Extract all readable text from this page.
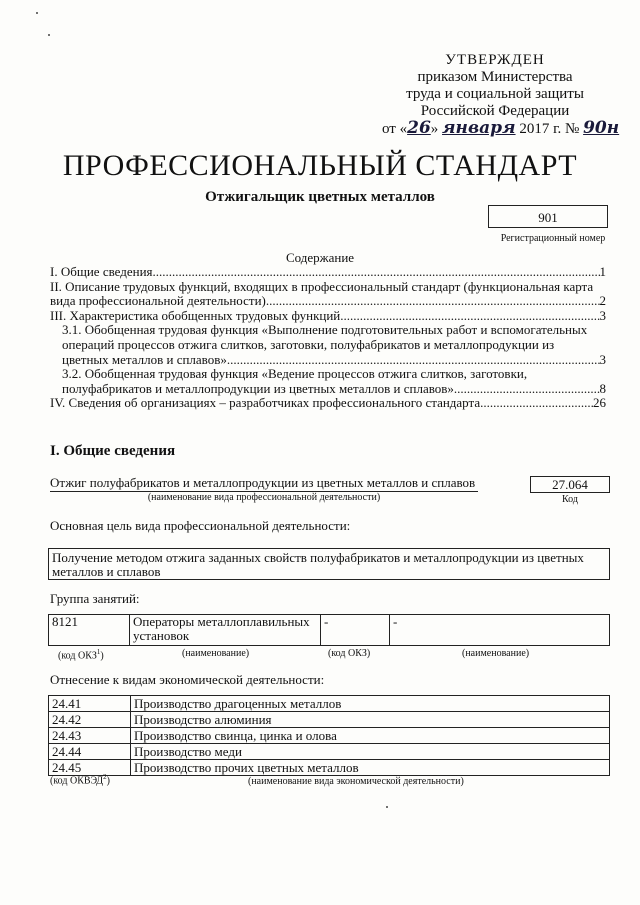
УТВЕРЖДЕН
приказом Министерства
труда и социальной защиты
Российской Федерации
от «26» января 2017 г. № 90н
ПРОФЕССИОНАЛЬНЫЙ СТАНДАРТ
Отжигальщик цветных металлов
901
Регистрационный номер
Содержание
I. Общие сведения .....	1
II. Описание трудовых функций, входящих в профессиональный стандарт (функциональная карта
вида профессиональной деятельности) .....	2
III. Характеристика обобщенных трудовых функций .....	3
3.1. Обобщенная трудовая функция «Выполнение подготовительных работ и вспомогательных
операций процессов отжига слитков, заготовки, полуфабрикатов и металлопродукции из
цветных металлов и сплавов» .....	3
3.2. Обобщенная трудовая функция «Ведение процессов отжига слитков, заготовки,
полуфабрикатов и металлопродукции из цветных металлов и сплавов» .....	8
IV. Сведения об организациях – разработчиках профессионального стандарта .....	26
I. Общие сведения
Отжиг полуфабрикатов и металлопродукции из цветных металлов и сплавов
(наименование вида профессиональной деятельности)
27.064
Код
Основная цель вида профессиональной деятельности:
Получение методом отжига заданных свойств полуфабрикатов и металлопродукции из цветных металлов и сплавов
Группа занятий:
8121	Операторы металлоплавильных установок	-	-
(код ОКЗ$^1$)	(наименование)	(код ОКЗ)	(наименование)
Отнесение к видам экономической деятельности:
24.41	Производство драгоценных металлов
24.42	Производство алюминия
24.43	Производство свинца, цинка и олова
24.44	Производство меди
24.45	Производство прочих цветных металлов
(код ОКВЭД$^2$)	(наименование вида экономической деятельности)
